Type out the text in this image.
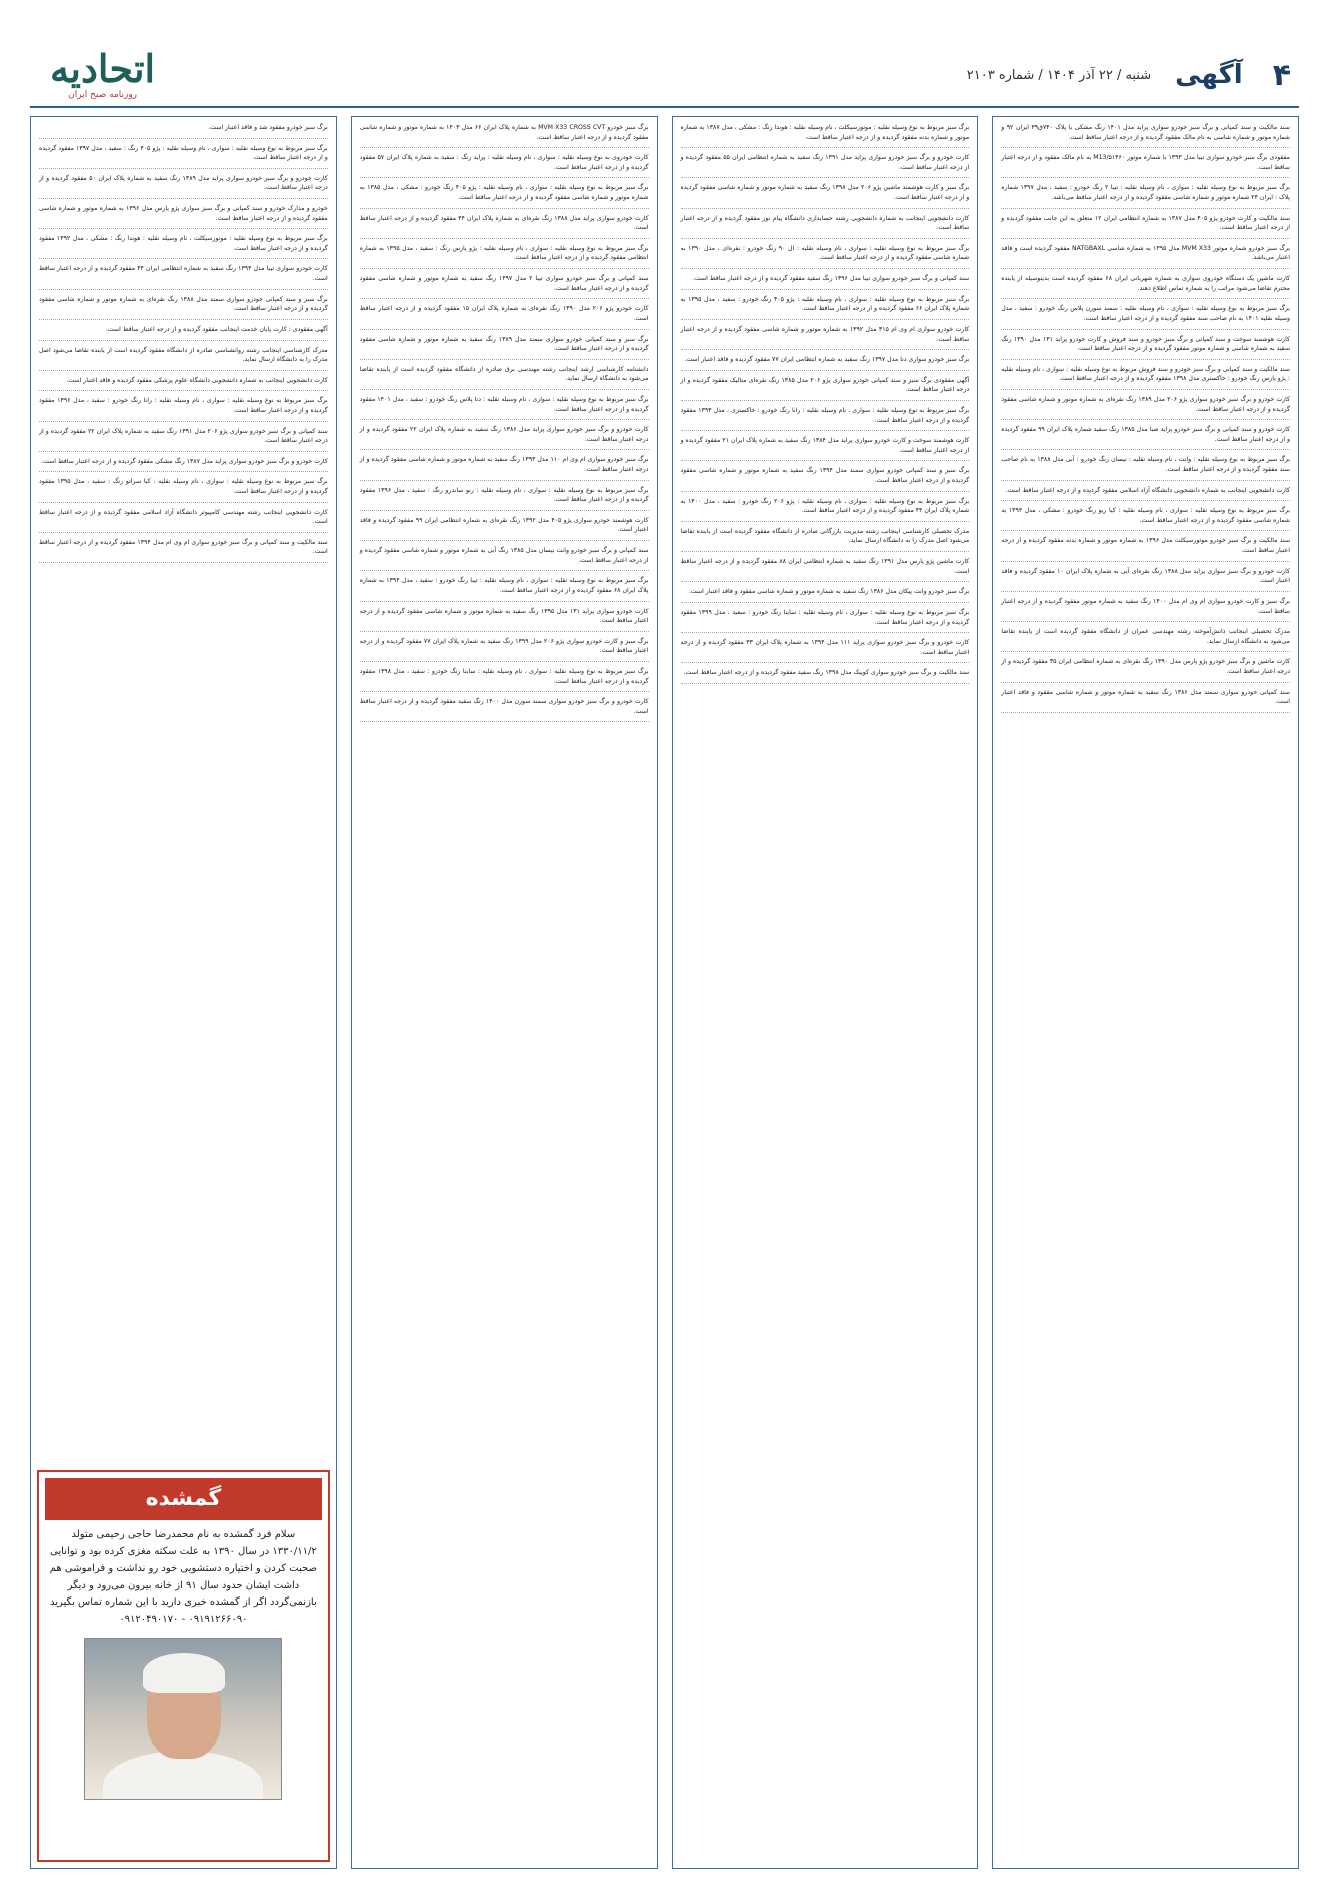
۴
آگهی
شنبه / ۲۲ آذر ۱۴۰۴ / شماره ۲۱۰۳
اتحادیه
روزنامه صبح ایران

سند مالکیت و سند کمپانی و برگ سبز خودرو سواری پراید مدل ۱۴۰۱ رنگ مشکی با پلاک ۷۴۰ق۳۹ ایران ۹۲ و شماره موتور و شماره شاسی به نام مالک مفقود گردیده و از درجه اعتبار ساقط است.

مفقودی برگ سبز خودرو سواری تیبا مدل ۱۳۹۳ با شماره موتور M13/۵۱۴۶۰ به نام مالک مفقود و از درجه اعتبار ساقط است.

برگ سبز مربوط به نوع وسیله نقلیه : سواری ، نام وسیله نقلیه : تیبا ۲ رنگ خودرو : سفید ، مدل ۱۳۹۷ شماره پلاک : ایران ۲۴ شماره موتور و شماره شاسی مفقود گردیده و از درجه اعتبار ساقط می‌باشد.

سند مالکیت و کارت خودرو پژو ۴۰۵ مدل ۱۳۸۷ به شماره انتظامی ایران ۱۲ متعلق به این جانب مفقود گردیده و از درجه اعتبار ساقط است.

برگ سبز خودرو شماره موتور MVM X33 مدل ۱۳۹۵ به شماره شاسی NATGBAXL مفقود گردیده است و فاقد اعتبار می‌باشد.

کارت ماشین یک دستگاه خودروی سواری به شماره شهربانی ایران ۶۸ مفقود گردیده است بدینوسیله از یابنده محترم تقاضا می‌شود مراتب را به شماره تماس اطلاع دهند.

برگ سبز مربوط به نوع وسیله نقلیه : سواری ، نام وسیله نقلیه : سمند سورن پلاس رنگ خودرو : سفید ، مدل وسیله نقلیه ۱۴۰۱ به نام صاحب سند مفقود گردیده و از درجه اعتبار ساقط است.

کارت هوشمند سوخت و سند کمپانی و برگ سبز خودرو و سند فروش و کارت خودرو پراید ۱۳۱ مدل ۱۳۹۰ رنگ سفید به شماره شاسی و شماره موتور مفقود گردیده و از درجه اعتبار ساقط است.

سند مالکیت و سند کمپانی و برگ سبز خودرو و سند فروش مربوط به نوع وسیله نقلیه : سواری ، نام وسیله نقلیه : پژو پارس رنگ خودرو : خاکستری مدل ۱۳۹۸ مفقود گردیده و از درجه اعتبار ساقط است.

کارت خودرو و برگ سبز خودرو سواری پژو ۲۰۶ مدل ۱۳۸۹ رنگ نقره‌ای به شماره موتور و شماره شاسی مفقود گردیده و از درجه اعتبار ساقط است.

کارت خودرو و سند کمپانی و برگ سبز خودرو پراید صبا مدل ۱۳۸۵ رنگ سفید شماره پلاک ایران ۹۹ مفقود گردیده و از درجه اعتبار ساقط است.

برگ سبز مربوط به نوع وسیله نقلیه : وانت ، نام وسیله نقلیه : نیسان رنگ خودرو : آبی مدل ۱۳۸۸ به نام صاحب سند مفقود گردیده و از درجه اعتبار ساقط است.

کارت دانشجویی اینجانب به شماره دانشجویی دانشگاه آزاد اسلامی مفقود گردیده و از درجه اعتبار ساقط است.

برگ سبز مربوط به نوع وسیله نقلیه : سواری ، نام وسیله نقلیه : کیا ریو رنگ خودرو : مشکی ، مدل ۱۳۹۴ به شماره شاسی مفقود گردیده و از درجه اعتبار ساقط است.

سند مالکیت و برگ سبز خودرو موتورسیکلت مدل ۱۳۹۶ به شماره موتور و شماره بدنه مفقود گردیده و از درجه اعتبار ساقط است.

کارت خودرو و برگ سبز سواری پراید مدل ۱۳۸۸ رنگ نقره‌ای آبی به شماره پلاک ایران ۱۰ مفقود گردیده و فاقد اعتبار است.

برگ سبز و کارت خودرو سواری ام وی ام مدل ۱۴۰۰ رنگ سفید به شماره موتور مفقود گردیده و از درجه اعتبار ساقط است.

مدرک تحصیلی اینجانب دانش‌آموخته رشته مهندسی عمران از دانشگاه مفقود گردیده است از یابنده تقاضا می‌شود به دانشگاه ارسال نماید.

کارت ماشین و برگ سبز خودرو پژو پارس مدل ۱۳۹۰ رنگ نقره‌ای به شماره انتظامی ایران ۳۵ مفقود گردیده و از درجه اعتبار ساقط است.

سند کمپانی خودرو سواری سمند مدل ۱۳۸۶ رنگ سفید به شماره موتور و شماره شاسی مفقود و فاقد اعتبار است.

برگ سبز مربوط به نوع وسیله نقلیه : موتورسیکلت ، نام وسیله نقلیه : هوندا رنگ : مشکی ، مدل ۱۳۸۷ به شماره موتور و شماره بدنه مفقود گردیده و از درجه اعتبار ساقط است.

کارت خودرو و برگ سبز خودرو سواری پراید مدل ۱۳۹۱ رنگ سفید به شماره انتظامی ایران ۵۵ مفقود گردیده و از درجه اعتبار ساقط است.

برگ سبز و کارت هوشمند ماشین پژو ۲۰۶ مدل ۱۳۹۸ رنگ سفید به شماره موتور و شماره شاسی مفقود گردیده و از درجه اعتبار ساقط است.

کارت دانشجویی اینجانب به شماره دانشجویی رشته حسابداری دانشگاه پیام نور مفقود گردیده و از درجه اعتبار ساقط است.

برگ سبز مربوط به نوع وسیله نقلیه : سواری ، نام وسیله نقلیه : ال ۹۰ رنگ خودرو : نقره‌ای ، مدل ۱۳۹۰ به شماره شاسی مفقود گردیده و از درجه اعتبار ساقط است.

سند کمپانی و برگ سبز خودرو سواری تیبا مدل ۱۳۹۶ رنگ سفید مفقود گردیده و از درجه اعتبار ساقط است.

برگ سبز مربوط به نوع وسیله نقلیه : سواری ، نام وسیله نقلیه : پژو ۴۰۵ رنگ خودرو : سفید ، مدل ۱۳۹۵ به شماره پلاک ایران ۶۶ مفقود گردیده و از درجه اعتبار ساقط است.

کارت خودرو سواری ام وی ام ۳۱۵ مدل ۱۳۹۲ به شماره موتور و شماره شاسی مفقود گردیده و از درجه اعتبار ساقط است.

برگ سبز خودرو سواری دنا مدل ۱۳۹۷ رنگ سفید به شماره انتظامی ایران ۷۷ مفقود گردیده و فاقد اعتبار است.

آگهی مفقودی برگ سبز و سند کمپانی خودرو سواری پژو ۲۰۶ مدل ۱۳۸۵ رنگ نقره‌ای متالیک مفقود گردیده و از درجه اعتبار ساقط است.

برگ سبز مربوط به نوع وسیله نقلیه : سواری ، نام وسیله نقلیه : رانا رنگ خودرو : خاکستری ، مدل ۱۳۹۳ مفقود گردیده و از درجه اعتبار ساقط است.

کارت هوشمند سوخت و کارت خودرو سواری پراید مدل ۱۳۸۴ رنگ سفید به شماره پلاک ایران ۲۱ مفقود گردیده و از درجه اعتبار ساقط است.

برگ سبز و سند کمپانی خودرو سواری سمند مدل ۱۳۹۴ رنگ سفید به شماره موتور و شماره شاسی مفقود گردیده و از درجه اعتبار ساقط است.

برگ سبز مربوط به نوع وسیله نقلیه : سواری ، نام وسیله نقلیه : پژو ۲۰۶ رنگ خودرو : سفید ، مدل ۱۴۰۰ به شماره پلاک ایران ۴۴ مفقود گردیده و از درجه اعتبار ساقط است.

مدرک تحصیلی کارشناسی اینجانب رشته مدیریت بازرگانی صادره از دانشگاه مفقود گردیده است از یابنده تقاضا می‌شود اصل مدرک را به دانشگاه ارسال نماید.

کارت ماشین پژو پارس مدل ۱۳۹۱ رنگ سفید به شماره انتظامی ایران ۸۸ مفقود گردیده و از درجه اعتبار ساقط است.

برگ سبز خودرو وانت پیکان مدل ۱۳۸۶ رنگ سفید به شماره موتور و شماره شاسی مفقود و فاقد اعتبار است.

برگ سبز مربوط به نوع وسیله نقلیه : سواری ، نام وسیله نقلیه : ساینا رنگ خودرو : سفید ، مدل ۱۳۹۹ مفقود گردیده و از درجه اعتبار ساقط است.

کارت خودرو و برگ سبز خودرو سواری پراید ۱۱۱ مدل ۱۳۹۴ به شماره پلاک ایران ۳۳ مفقود گردیده و از درجه اعتبار ساقط است.

سند مالکیت و برگ سبز خودرو سواری کوییک مدل ۱۳۹۸ رنگ سفید مفقود گردیده و از درجه اعتبار ساقط است.

برگ سبز خودرو MVM X33 CROSS CVT به شماره پلاک ایران ۶۶ مدل ۱۴۰۳ به شماره موتور و شماره شاسی مفقود گردیده و از درجه اعتبار ساقط است.

کارت خودروی به نوع وسیله نقلیه : سواری ، نام وسیله نقلیه : پراید رنگ : سفید به شماره پلاک ایران ۵۷ مفقود گردیده و از درجه اعتبار ساقط است.

برگ سبز مربوط به نوع وسیله نقلیه : سواری ، نام وسیله نقلیه : پژو ۴۰۵ رنگ خودرو : مشکی ، مدل ۱۳۸۵ به شماره موتور و شماره شاسی مفقود گردیده و از درجه اعتبار ساقط است.

کارت خودرو سواری پراید مدل ۱۳۸۸ رنگ نقره‌ای به شماره پلاک ایران ۴۴ مفقود گردیده و از درجه اعتبار ساقط است.

برگ سبز مربوط به نوع وسیله نقلیه : سواری ، نام وسیله نقلیه : پژو پارس رنگ : سفید ، مدل ۱۳۹۵ به شماره انتظامی مفقود گردیده و از درجه اعتبار ساقط است.

سند کمپانی و برگ سبز خودرو سواری تیبا ۲ مدل ۱۳۹۷ رنگ سفید به شماره موتور و شماره شاسی مفقود گردیده و از درجه اعتبار ساقط است.

کارت خودرو پژو ۲۰۶ مدل ۱۳۹۰ رنگ نقره‌ای به شماره پلاک ایران ۱۵ مفقود گردیده و از درجه اعتبار ساقط است.

برگ سبز و سند کمپانی خودرو سواری سمند مدل ۱۳۸۹ رنگ سفید به شماره موتور و شماره شاسی مفقود گردیده و از درجه اعتبار ساقط است.

دانشنامه کارشناسی ارشد اینجانب رشته مهندسی برق صادره از دانشگاه مفقود گردیده است از یابنده تقاضا می‌شود به دانشگاه ارسال نماید.

برگ سبز مربوط به نوع وسیله نقلیه : سواری ، نام وسیله نقلیه : دنا پلاس رنگ خودرو : سفید ، مدل ۱۴۰۱ مفقود گردیده و از درجه اعتبار ساقط است.

کارت خودرو و برگ سبز خودرو سواری پراید مدل ۱۳۸۶ رنگ سفید به شماره پلاک ایران ۲۲ مفقود گردیده و از درجه اعتبار ساقط است.

برگ سبز خودرو سواری ام وی ام ۱۱۰ مدل ۱۳۹۳ رنگ سفید به شماره موتور و شماره شاسی مفقود گردیده و از درجه اعتبار ساقط است.

برگ سبز مربوط به نوع وسیله نقلیه : سواری ، نام وسیله نقلیه : رنو ساندرو رنگ : سفید ، مدل ۱۳۹۶ مفقود گردیده و از درجه اعتبار ساقط است.

کارت هوشمند خودرو سواری پژو ۴۰۵ مدل ۱۳۹۲ رنگ نقره‌ای به شماره انتظامی ایران ۹۹ مفقود گردیده و فاقد اعتبار است.

سند کمپانی و برگ سبز خودرو وانت نیسان مدل ۱۳۸۵ رنگ آبی به شماره موتور و شماره شاسی مفقود گردیده و از درجه اعتبار ساقط است.

برگ سبز مربوط به نوع وسیله نقلیه : سواری ، نام وسیله نقلیه : تیبا رنگ خودرو : سفید ، مدل ۱۳۹۴ به شماره پلاک ایران ۶۸ مفقود گردیده و از درجه اعتبار ساقط است.

کارت خودرو سواری پراید ۱۳۱ مدل ۱۳۹۵ رنگ سفید به شماره موتور و شماره شاسی مفقود گردیده و از درجه اعتبار ساقط است.

برگ سبز و کارت خودرو سواری پژو ۲۰۶ مدل ۱۳۹۹ رنگ سفید به شماره پلاک ایران ۷۷ مفقود گردیده و از درجه اعتبار ساقط است.

برگ سبز مربوط به نوع وسیله نقلیه : سواری ، نام وسیله نقلیه : ساینا رنگ خودرو : سفید ، مدل ۱۳۹۸ مفقود گردیده و از درجه اعتبار ساقط است.

کارت خودرو و برگ سبز خودرو سواری سمند سورن مدل ۱۴۰۰ رنگ سفید مفقود گردیده و از درجه اعتبار ساقط است.

برگ سبز خودرو مفقود شد و فاقد اعتبار است.

برگ سبز مربوط به نوع وسیله نقلیه : سواری ، نام وسیله نقلیه : پژو ۴۰۵ رنگ : سفید ، مدل ۱۳۹۷ مفقود گردیده و از درجه اعتبار ساقط است.

کارت خودرو و برگ سبز خودرو سواری پراید مدل ۱۳۸۹ رنگ سفید به شماره پلاک ایران ۵۰ مفقود گردیده و از درجه اعتبار ساقط است.

خودرو و مدارک خودرو و سند کمپانی و برگ سبز سواری پژو پارس مدل ۱۳۹۶ به شماره موتور و شماره شاسی مفقود گردیده و از درجه اعتبار ساقط است.

برگ سبز مربوط به نوع وسیله نقلیه : موتورسیکلت ، نام وسیله نقلیه : هوندا رنگ : مشکی ، مدل ۱۳۹۲ مفقود گردیده و از درجه اعتبار ساقط است.

کارت خودرو سواری تیبا مدل ۱۳۹۴ رنگ سفید به شماره انتظامی ایران ۴۴ مفقود گردیده و از درجه اعتبار ساقط است.

برگ سبز و سند کمپانی خودرو سواری سمند مدل ۱۳۸۸ رنگ نقره‌ای به شماره موتور و شماره شاسی مفقود گردیده و از درجه اعتبار ساقط است.

آگهی مفقودی : کارت پایان خدمت اینجانب مفقود گردیده و از درجه اعتبار ساقط است.

مدرک کارشناسی اینجانب رشته روانشناسی صادره از دانشگاه مفقود گردیده است از یابنده تقاضا می‌شود اصل مدرک را به دانشگاه ارسال نماید.

کارت دانشجویی اینجانب به شماره دانشجویی دانشگاه علوم پزشکی مفقود گردیده و فاقد اعتبار است.

برگ سبز مربوط به نوع وسیله نقلیه : سواری ، نام وسیله نقلیه : رانا رنگ خودرو : سفید ، مدل ۱۳۹۶ مفقود گردیده و از درجه اعتبار ساقط است.

سند کمپانی و برگ سبز خودرو سواری پژو ۲۰۶ مدل ۱۳۹۱ رنگ سفید به شماره پلاک ایران ۲۲ مفقود گردیده و از درجه اعتبار ساقط است.

کارت خودرو و برگ سبز خودرو سواری پراید مدل ۱۳۸۷ رنگ مشکی مفقود گردیده و از درجه اعتبار ساقط است.

برگ سبز مربوط به نوع وسیله نقلیه : سواری ، نام وسیله نقلیه : کیا سراتو رنگ : سفید ، مدل ۱۳۹۵ مفقود گردیده و از درجه اعتبار ساقط است.

کارت دانشجویی اینجانب رشته مهندسی کامپیوتر دانشگاه آزاد اسلامی مفقود گردیده و از درجه اعتبار ساقط است.

سند مالکیت و سند کمپانی و برگ سبز خودرو سواری ام وی ام مدل ۱۳۹۴ مفقود گردیده و از درجه اعتبار ساقط است.

گمشده
سلام فرد گمشده به نام محمدرضا حاجی رحیمی متولد ۱۳۳۰/۱۱/۲ در سال ۱۳۹۰ به علت سکته مغزی کرده بود و توانایی صحبت کردن و اختیاره دستشویی خود رو نداشت و فراموشی هم داشت ایشان حدود سال ۹۱ از خانه بیرون می‌رود و دیگر بازنمی‌گردد اگر از گمشده خبری دارید با این شماره تماس بگیرید ۰۹۱۹۱۲۶۶۰۹۰ - ۰۹۱۲۰۴۹۰۱۷۰
